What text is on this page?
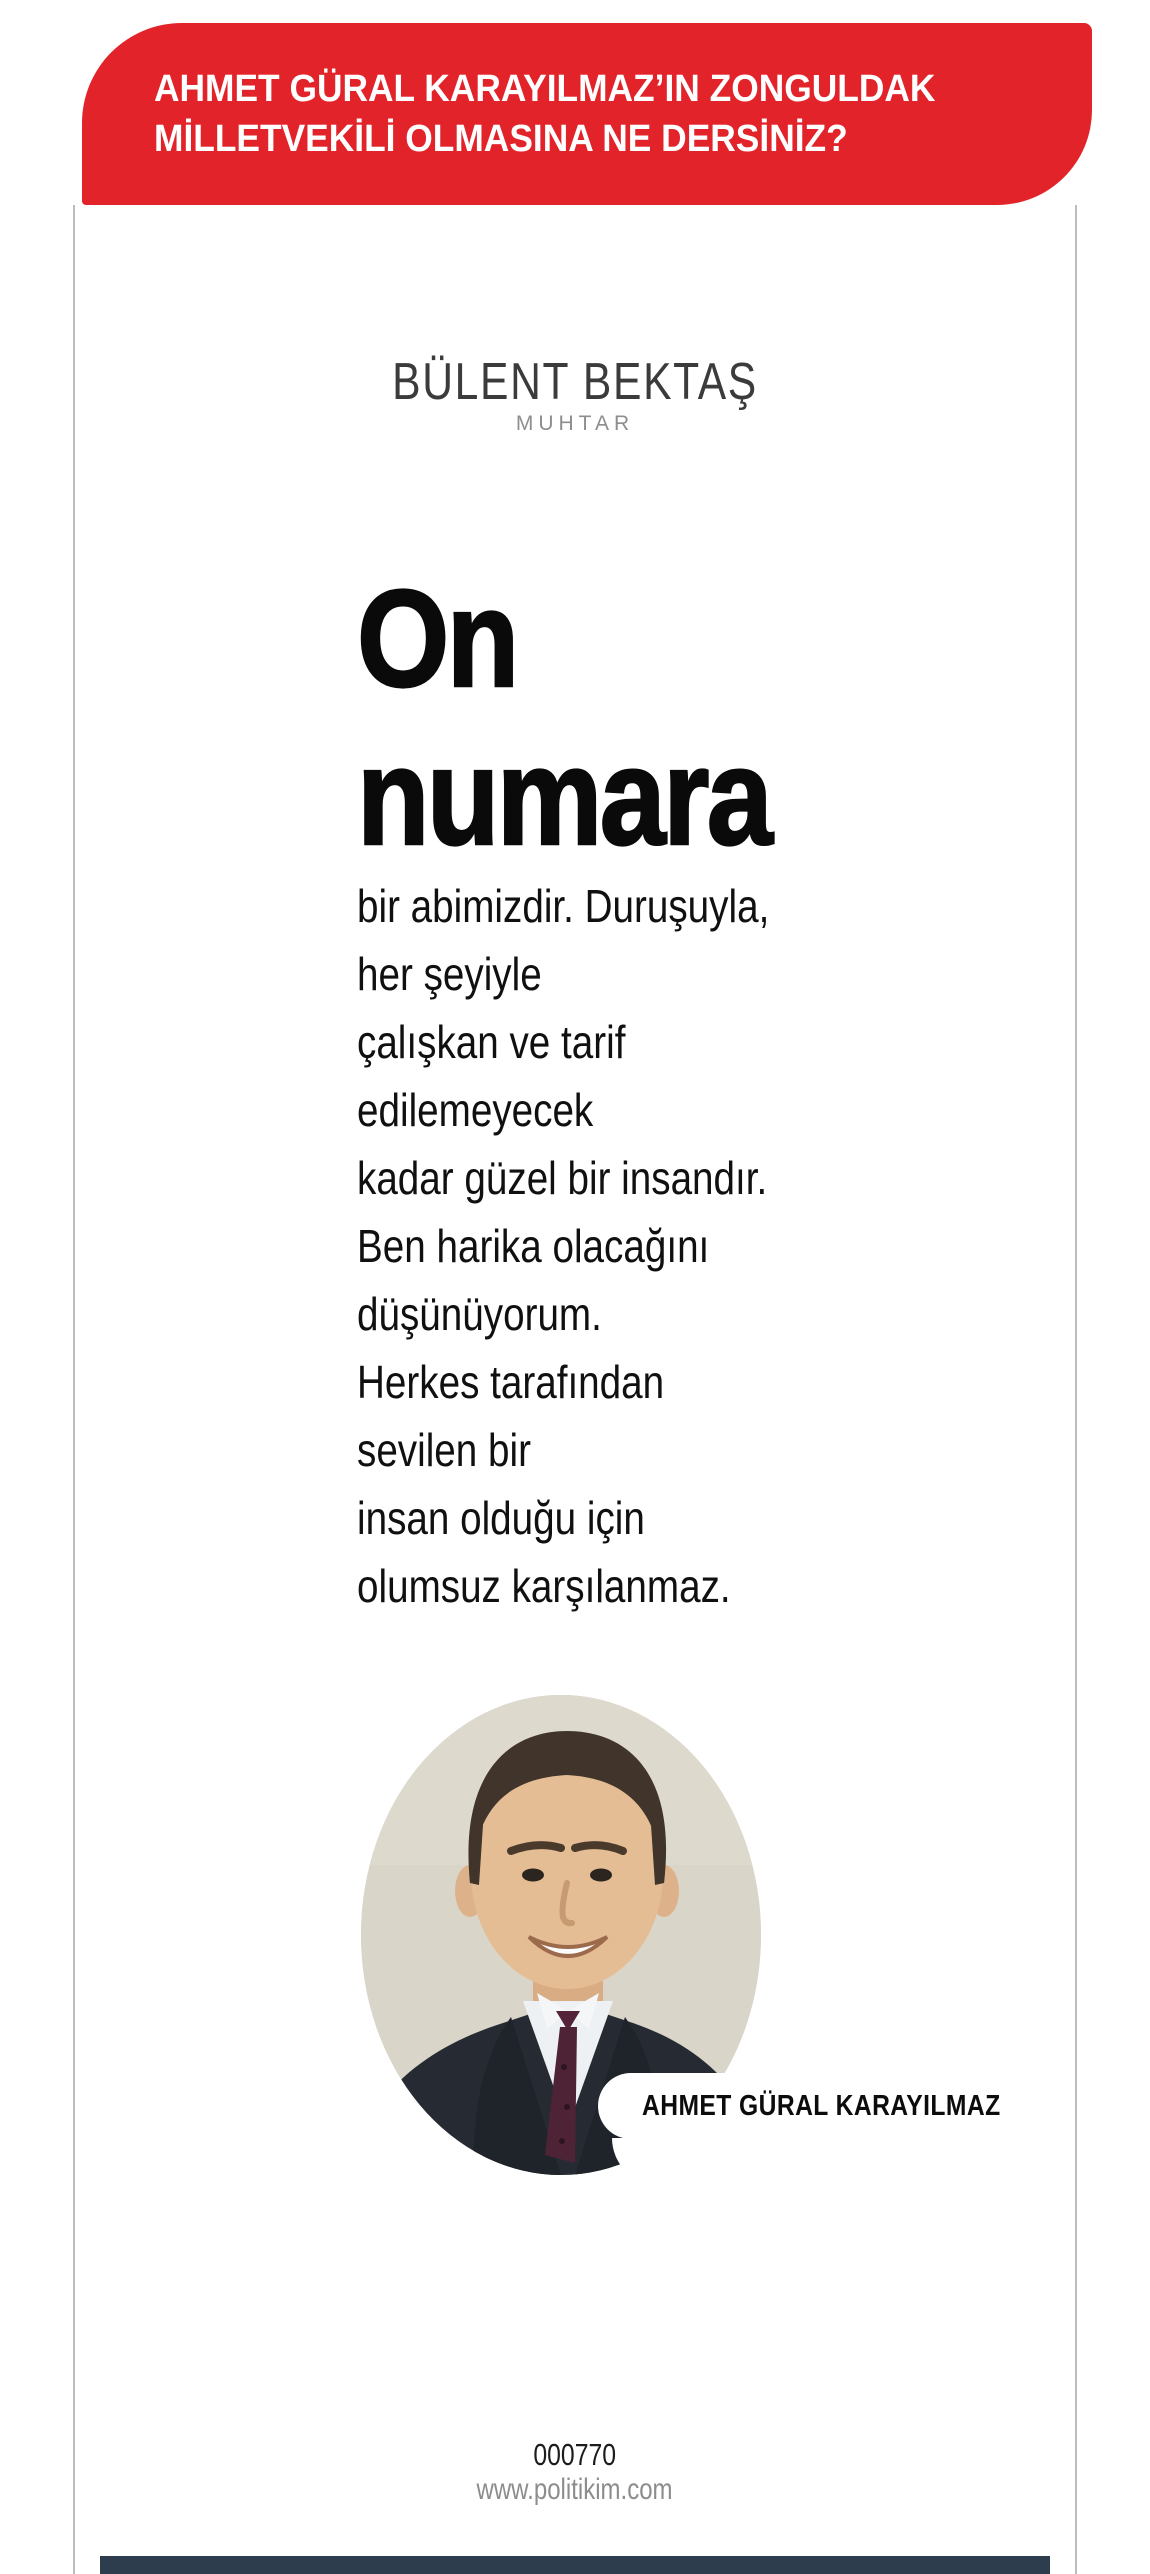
AHMET GÜRAL KARAYILMAZ’IN ZONGULDAK
MİLLETVEKİLİ OLMASINA NE DERSİNİZ?
BÜLENT BEKTAŞ
MUHTAR
On
numara
bir abimizdir. Duruşuyla,
her şeyiyle
çalışkan ve tarif
edilemeyecek
kadar güzel bir insandır.
Ben harika olacağını
düşünüyorum.
Herkes tarafından
sevilen bir
insan olduğu için
olumsuz karşılanmaz.
AHMET GÜRAL KARAYILMAZ
000770
www.politikim.com
